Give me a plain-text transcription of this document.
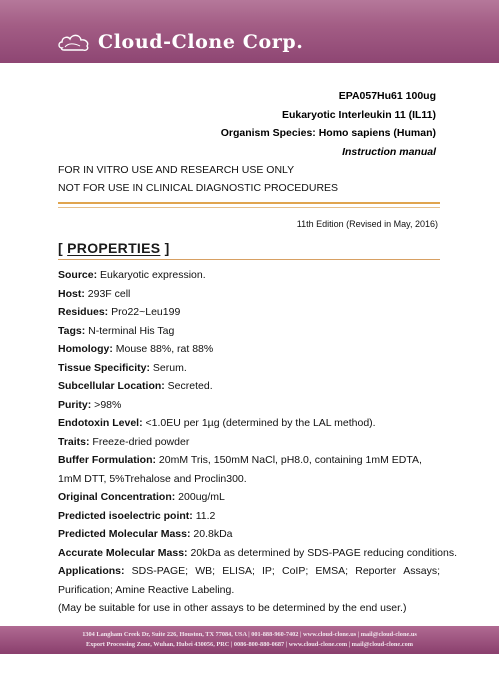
Cloud-Clone Corp.
EPA057Hu61 100ug
Eukaryotic Interleukin 11 (IL11)
Organism Species: Homo sapiens (Human)
Instruction manual
FOR IN VITRO USE AND RESEARCH USE ONLY
NOT FOR USE IN CLINICAL DIAGNOSTIC PROCEDURES
11th Edition (Revised in May, 2016)
[ PROPERTIES ]
Source: Eukaryotic expression.
Host: 293F cell
Residues: Pro22~Leu199
Tags: N-terminal His Tag
Homology: Mouse 88%, rat 88%
Tissue Specificity: Serum.
Subcellular Location: Secreted.
Purity: >98%
Endotoxin Level: <1.0EU per 1µg (determined by the LAL method).
Traits: Freeze-dried powder
Buffer Formulation: 20mM Tris, 150mM NaCl, pH8.0, containing 1mM EDTA,
1mM DTT, 5%Trehalose and Proclin300.
Original Concentration: 200ug/mL
Predicted isoelectric point: 11.2
Predicted Molecular Mass: 20.8kDa
Accurate Molecular Mass: 20kDa as determined by SDS-PAGE reducing conditions.
Applications: SDS-PAGE; WB; ELISA; IP; CoIP; EMSA; Reporter Assays;
Purification; Amine Reactive Labeling.
(May be suitable for use in other assays to be determined by the end user.)
1304 Langham Creek Dr, Suite 226, Houston, TX 77084, USA | 001-888-960-7402 | www.cloud-clone.us | mail@cloud-clone.us
Export Processing Zone, Wuhan, Hubei 430056, PRC | 0086-800-880-0687 | www.cloud-clone.com | mail@cloud-clone.com
